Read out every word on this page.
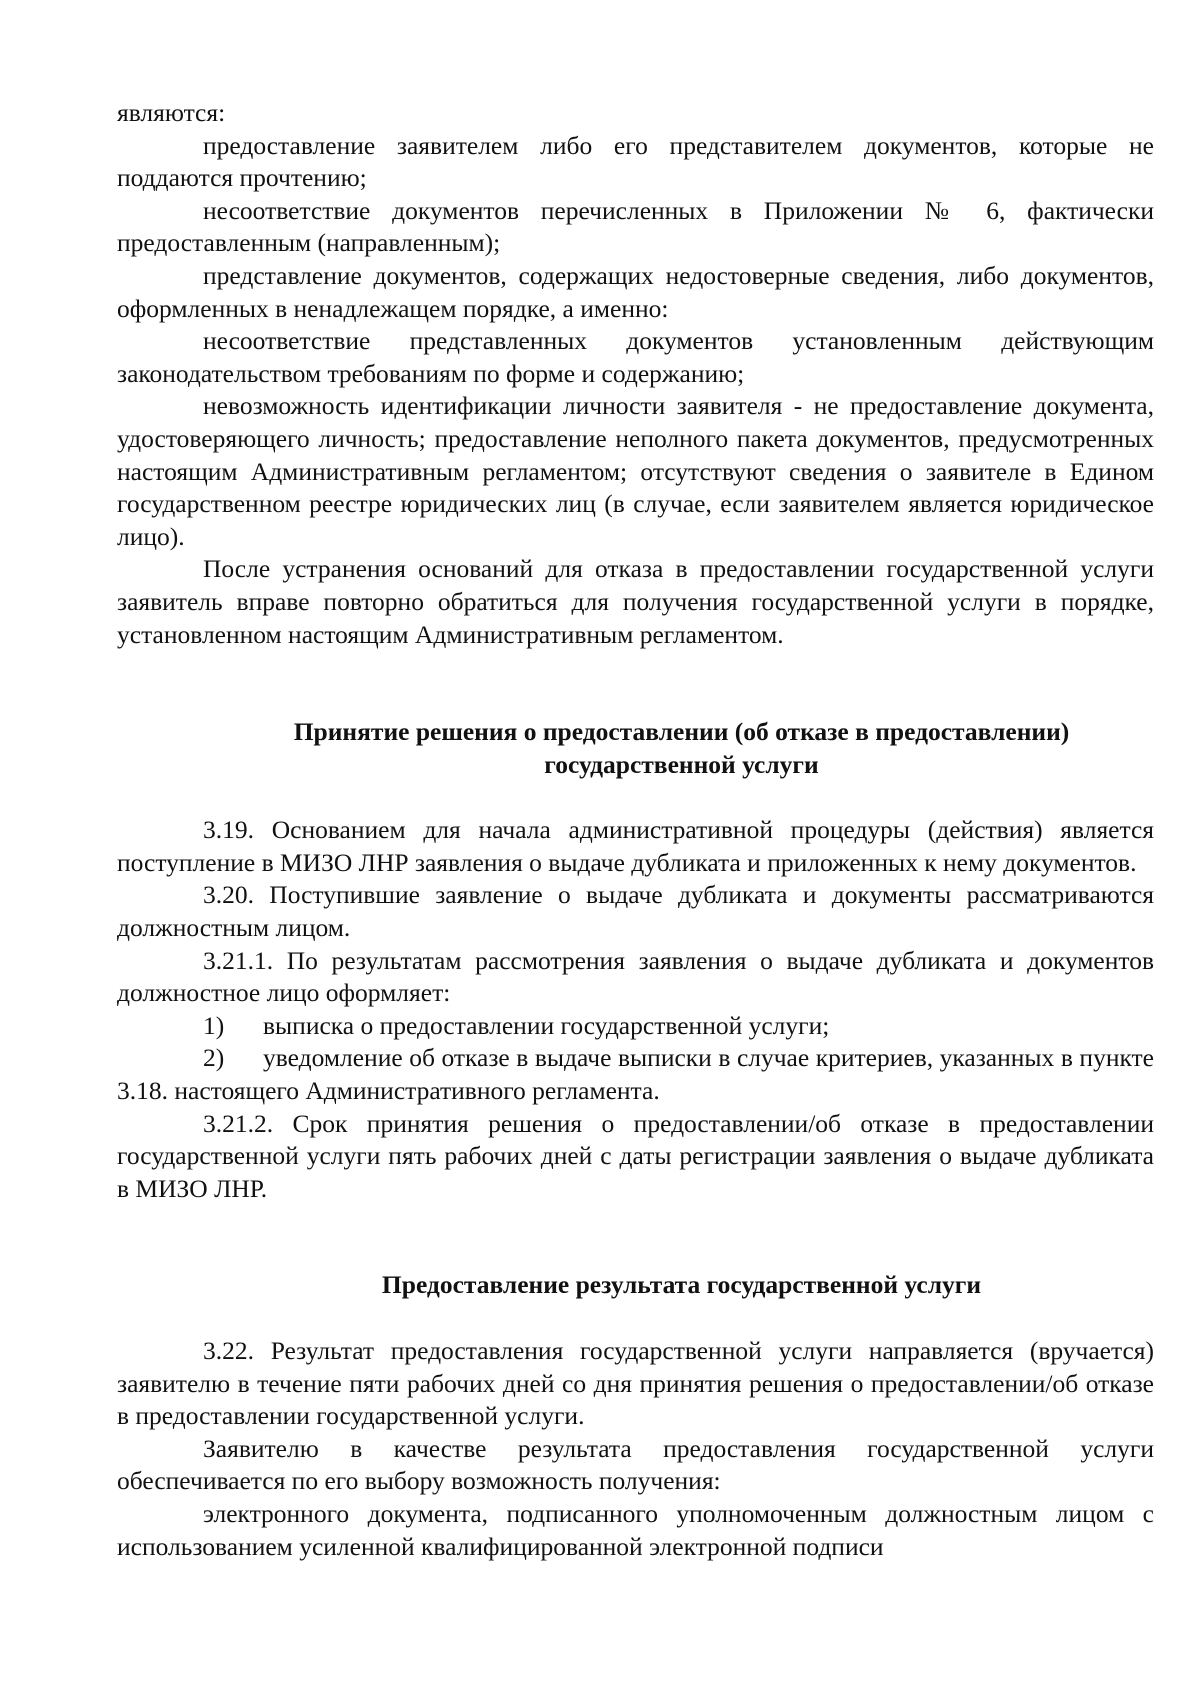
являются:

предоставление заявителем либо его представителем документов, которые не поддаются прочтению;

несоответствие документов перечисленных в Приложении № 6, фактически предоставленным (направленным);

представление документов, содержащих недостоверные сведения, либо документов, оформленных в ненадлежащем порядке, а именно:

несоответствие представленных документов установленным действующим законодательством требованиям по форме и содержанию;

невозможность идентификации личности заявителя - не предоставление документа, удостоверяющего личность; предоставление неполного пакета документов, предусмотренных настоящим Административным регламентом; отсутствуют сведения о заявителе в Едином государственном реестре юридических лиц (в случае, если заявителем является юридическое лицо).

После устранения оснований для отказа в предоставлении государственной услуги заявитель вправе повторно обратиться для получения государственной услуги в порядке, установленном настоящим Административным регламентом.

Принятие решения о предоставлении (об отказе в предоставлении)

государственной услуги

3.19. Основанием для начала административной процедуры (действия) является поступление в МИЗО ЛНР заявления о выдаче дубликата и приложенных к нему документов.

3.20. Поступившие заявление о выдаче дубликата и документы рассматриваются должностным лицом.

3.21.1. По результатам рассмотрения заявления о выдаче дубликата и документов должностное лицо оформляет:

1) выписка о предоставлении государственной услуги;

2) уведомление об отказе в выдаче выписки в случае критериев, указанных в пункте 3.18. настоящего Административного регламента.

3.21.2. Срок принятия решения о предоставлении/об отказе в предоставлении государственной услуги пять рабочих дней с даты регистрации заявления о выдаче дубликата в МИЗО ЛНР.

Предоставление результата государственной услуги

3.22. Результат предоставления государственной услуги направляется (вручается) заявителю в течение пяти рабочих дней со дня принятия решения о предоставлении/об отказе в предоставлении государственной услуги.

Заявителю в качестве результата предоставления государственной услуги обеспечивается по его выбору возможность получения:

электронного документа, подписанного уполномоченным должностным лицом с использованием усиленной квалифицированной электронной подписи
